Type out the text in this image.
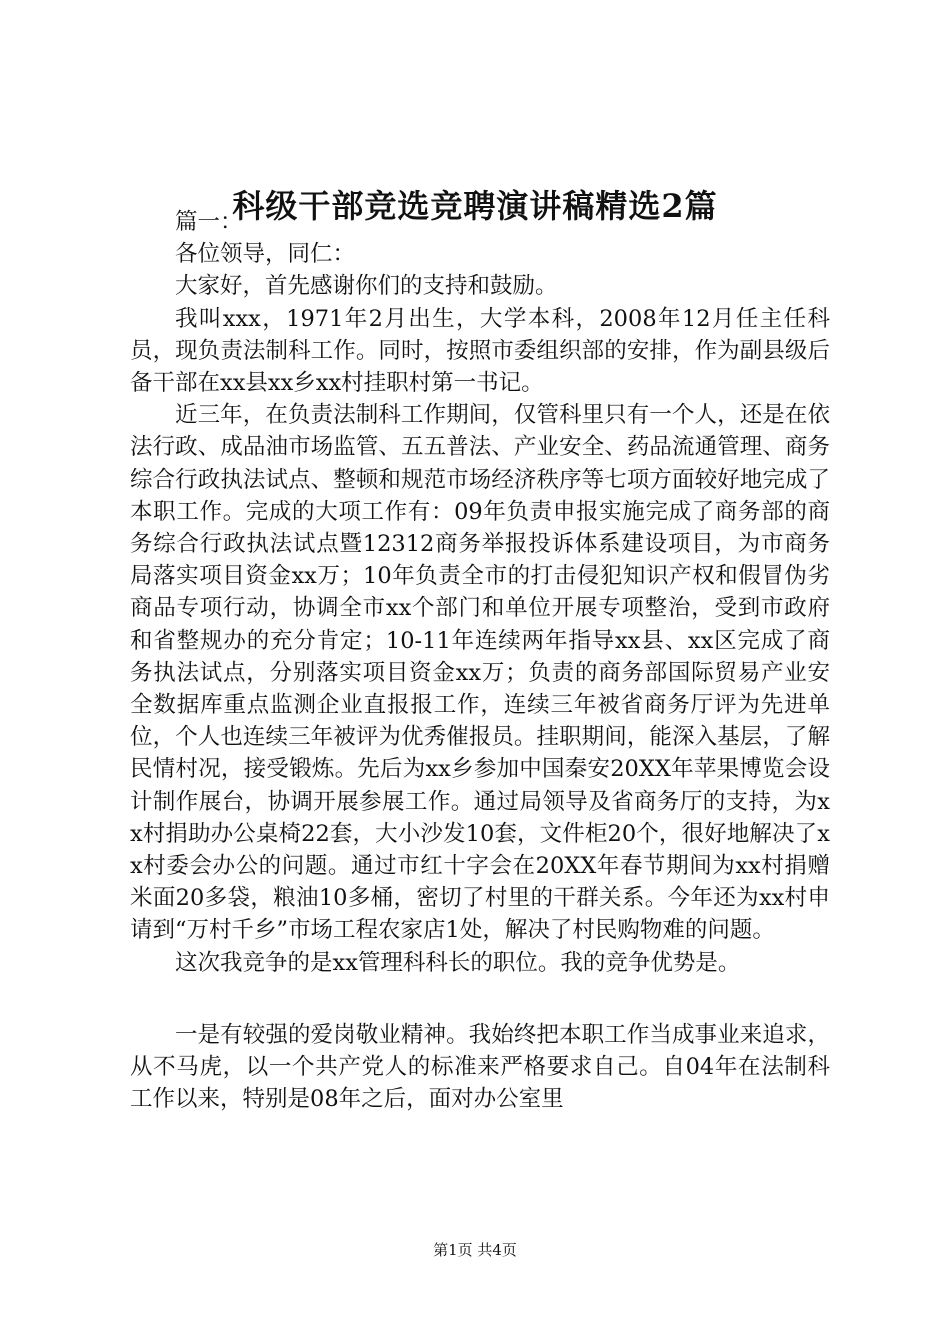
科级干部竞选竞聘演讲稿精选2篇

篇一：

各位领导，同仁：

大家好，首先感谢你们的支持和鼓励。

我叫xxx，1971年2月出生，大学本科，2008年12月任主任科员，现负责法制科工作。同时，按照市委组织部的安排，作为副县级后备干部在xx县xx乡xx村挂职村第一书记。

近三年，在负责法制科工作期间，仅管科里只有一个人，还是在依法行政、成品油市场监管、五五普法、产业安全、药品流通管理、商务综合行政执法试点、整顿和规范市场经济秩序等七项方面较好地完成了本职工作。完成的大项工作有：09年负责申报实施完成了商务部的商务综合行政执法试点暨12312商务举报投诉体系建设项目，为市商务局落实项目资金xx万；10年负责全市的打击侵犯知识产权和假冒伪劣商品专项行动，协调全市xx个部门和单位开展专项整治，受到市政府和省整规办的充分肯定；10-11年连续两年指导xx县、xx区完成了商务执法试点，分别落实项目资金xx万；负责的商务部国际贸易产业安全数据库重点监测企业直报报工作，连续三年被省商务厅评为先进单位，个人也连续三年被评为优秀催报员。挂职期间，能深入基层，了解民情村况，接受锻炼。先后为xx乡参加中国秦安20XX年苹果博览会设计制作展台，协调开展参展工作。通过局领导及省商务厅的支持，为xx村捐助办公桌椅22套，大小沙发10套，文件柜20个，很好地解决了xx村委会办公的问题。通过市红十字会在20XX年春节期间为xx村捐赠米面20多袋，粮油10多桶，密切了村里的干群关系。今年还为xx村申请到“万村千乡”市场工程农家店1处，解决了村民购物难的问题。

这次我竞争的是xx管理科科长的职位。我的竞争优势是。

一是有较强的爱岗敬业精神。我始终把本职工作当成事业来追求，从不马虎，以一个共产党人的标准来严格要求自己。自04年在法制科工作以来，特别是08年之后，面对办公室里

第1页 共4页
